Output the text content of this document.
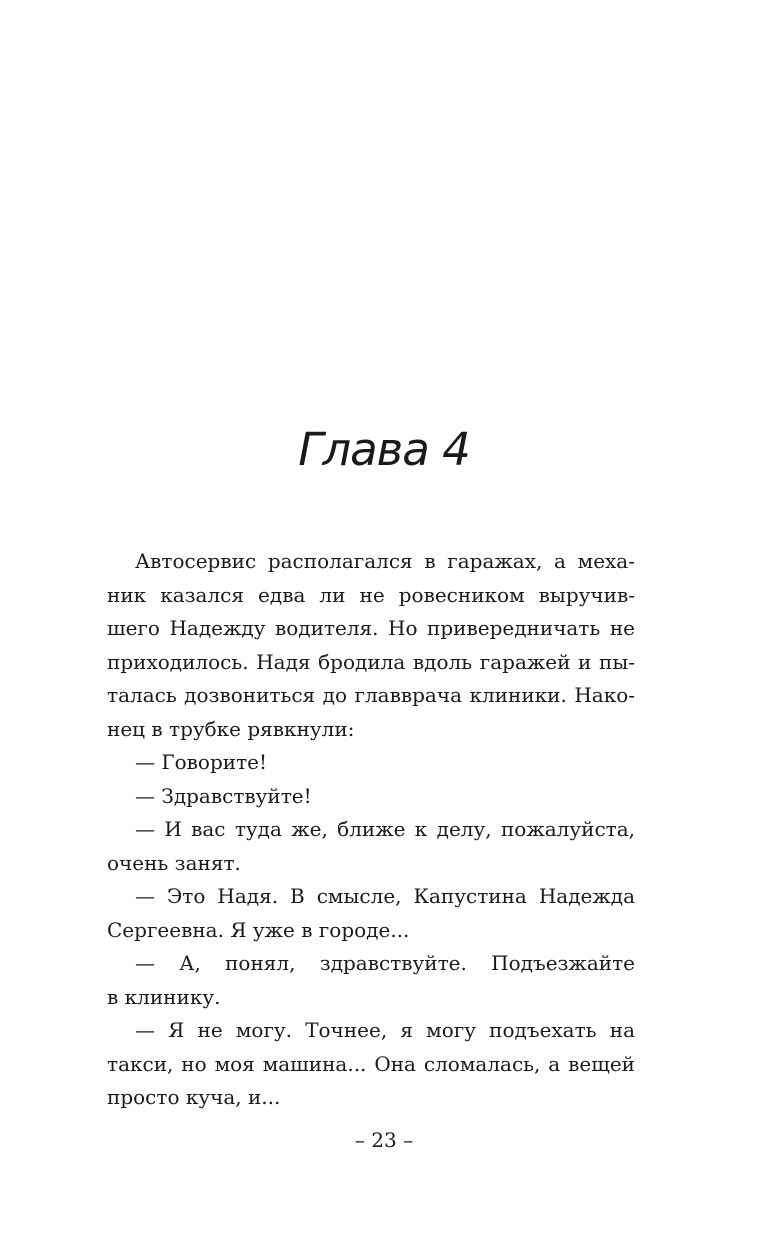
Глава 4
Автосервис располагался в гаражах, а меха-
ник казался едва ли не ровесником выручив-
шего Надежду водителя. Но привередничать не
приходилось. Надя бродила вдоль гаражей и пы-
талась дозвониться до главврача клиники. Нако-
нец в трубке рявкнули:
— Говорите!
— Здравствуйте!
— И вас туда же, ближе к делу, пожалуйста,
очень занят.
— Это Надя. В смысле, Капустина Надежда
Сергеевна. Я уже в городе...
— А, понял, здравствуйте. Подъезжайте
в клинику.
— Я не могу. Точнее, я могу подъехать на
такси, но моя машина... Она сломалась, а вещей
просто куча, и...
– 23 –
